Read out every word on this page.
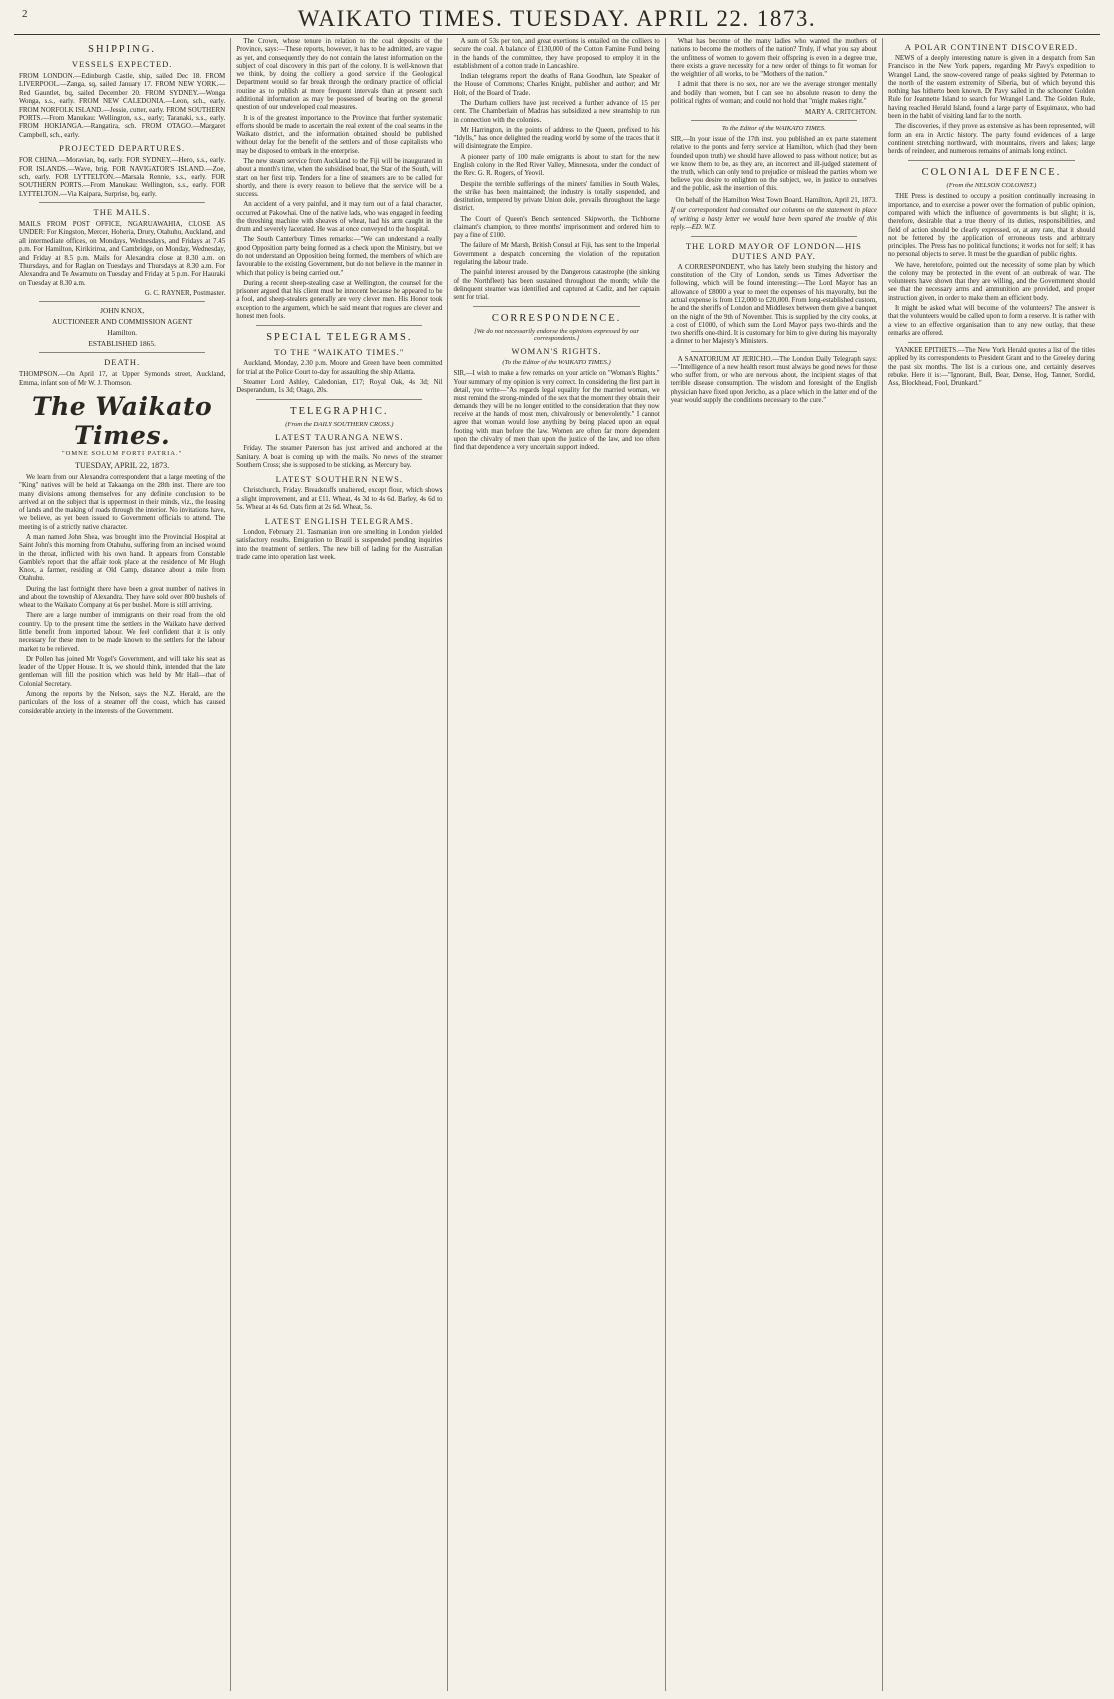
2	WAIKATO TIMES. TUESDAY. APRIL 22. 1873.
SHIPPING.
VESSELS EXPECTED.

FROM LONDON.—Edinburgh Castle, ship, sailed Dec 18. FROM LIVERPOOL.—Zanga, sq, sailed January 17. FROM NEW YORK.—Red Gauntlet, bq, sailed December 20. FROM SYDNEY.—Wonga Wonga, s.s., early. FROM NEW CALEDONIA.—Leon, sch., early. FROM NORFOLK ISLAND.—Jessie, cutter, early. FROM SOUTHERN PORTS.—From Manukau: Wellington, s.s., early; Taranaki, s.s., early. FROM HOKIANGA.—Rangatira, sch. FROM OTAGO.—Margaret Campbell, sch., early.

PROJECTED DEPARTURES.

FOR CHINA.—Moravian, bq, early. FOR SYDNEY.—Hero, s.s., early. FOR ISLANDS.—Wave, brig. FOR NAVIGATOR'S ISLAND.—Zoe, sch, early. FOR LYTTELTON.—Marsala Rennie, s.s., early. FOR SOUTHERN PORTS.—From Manukau: Wellington, s.s., early. FOR LYTTELTON.—Via Kaipara, Surprise, bq, early.

THE MAILS.

MAILS FROM POST OFFICE, NGARUAWAHIA, CLOSE AS UNDER: For Kingston, Mercer, Hoheria, Drury, Otahuhu, Auckland, and all intermediate offices, on Mondays, Wednesdays, and Fridays at 7.45 p.m. For Hamilton, Kirikiriroa, and Cambridge, on Monday, Wednesday, and Friday at 8.5 p.m. Mails for Alexandra close at 8.30 a.m. on Thursdays, and for Raglan on Tuesdays and Thursdays at 8.30 a.m. For Alexandra and Te Awamutu on Tuesday and Friday at 5 p.m. For Hauraki on Tuesday at 8.30 a.m.

G. C. RAYNER, Postmaster.

JOHN KNOX,

AUCTIONEER AND COMMISSION AGENT

Hamilton.

ESTABLISHED 1865.

DEATH.

THOMPSON.—On April 17, at Upper Symonds street, Auckland, Emma, infant son of Mr W. J. Thomson.

The Waikato Times.
"OMNE SOLUM FORTI PATRIA."
TUESDAY, APRIL 22, 1873.

We learn from our Alexandra correspondent that a large meeting of the "King" natives will be held at Takaanga on the 28th inst. There are too many divisions among themselves for any definite conclusion to be arrived at on the subject that is uppermost in their minds, viz., the leasing of lands and the making of roads through the interior. No invitations have, we believe, as yet been issued to Government officials to attend. The meeting is of a strictly native character.

A man named John Shea, was brought into the Provincial Hospital at Saint John's this morning from Otahuhu, suffering from an incised wound in the throat, inflicted with his own hand. It appears from Constable Gamble's report that the affair took place at the residence of Mr Hugh Knox, a farmer, residing at Old Camp, distance about a mile from Otahuhu.

During the last fortnight there have been a great number of natives in and about the township of Alexandra. They have sold over 800 bushels of wheat to the Waikato Company at 6s per bushel. More is still arriving.

There are a large number of immigrants on their road from the old country. Up to the present time the settlers in the Waikato have derived little benefit from imported labour. We feel confident that it is only necessary for these men to be made known to the settlers for the labour market to be relieved.

Dr Pollen has joined Mr Vogel's Government, and will take his seat as leader of the Upper House. It is, we should think, intended that the late gentleman will fill the position which was held by Mr Hall—that of Colonial Secretary.

Among the reports by the Nelson, says the N.Z. Herald, are the particulars of the loss of a steamer off the coast, which has caused considerable anxiety in the interests of the Government.

The Crown, whose tenure in relation to the coal deposits of the Province, says:—These reports, however, it has to be admitted, are vague as yet, and consequently they do not contain the latest information on the subject of coal discovery in this part of the colony. It is well-known that we think, by doing the colliery a good service if the Geological Department would so far break through the ordinary practice of official routine as to publish at more frequent intervals than at present such additional information as may be possessed of bearing on the general question of our undeveloped coal measures.

It is of the greatest importance to the Province that further systematic efforts should be made to ascertain the real extent of the coal seams in the Waikato district, and the information obtained should be published without delay for the benefit of the settlers and of those capitalists who may be disposed to embark in the enterprise.

The new steam service from Auckland to the Fiji will be inaugurated in about a month's time, when the subsidised boat, the Star of the South, will start on her first trip. Tenders for a line of steamers are to be called for shortly, and there is every reason to believe that the service will be a success.

An accident of a very painful, and it may turn out of a fatal character, occurred at Pakowhai. One of the native lads, who was engaged in feeding the threshing machine with sheaves of wheat, had his arm caught in the drum and severely lacerated. He was at once conveyed to the hospital.

The South Canterbury Times remarks:—"We can understand a really good Opposition party being formed as a check upon the Ministry, but we do not understand an Opposition being formed, the members of which are favourable to the existing Government, but do not believe in the manner in which that policy is being carried out."

During a recent sheep-stealing case at Wellington, the counsel for the prisoner argued that his client must be innocent because he appeared to be a fool, and sheep-stealers generally are very clever men. His Honor took exception to the argument, which he said meant that rogues are clever and honest men fools.

SPECIAL TELEGRAMS.
TO THE "WAIKATO TIMES."

Auckland, Monday, 2.30 p.m. Moore and Green have been committed for trial at the Police Court to-day for assaulting the ship Atlanta.

Steamer Lord Ashley, Caledonian, £17; Royal Oak, 4s 3d; Nil Desperandum, 1s 3d; Otago, 20s.

TELEGRAPHIC.

(From the DAILY SOUTHERN CROSS.)

LATEST TAURANGA NEWS.

Friday. The steamer Paterson has just arrived and anchored at the Sanitary. A boat is coming up with the mails. No news of the steamer Southern Cross; she is supposed to be sticking, as Mercury bay.

LATEST SOUTHERN NEWS.

Christchurch, Friday. Breadstuffs unaltered, except flour, which shows a slight improvement, and at £11. Wheat, 4s 3d to 4s 6d. Barley, 4s 6d to 5s. Wheat at 4s 6d. Oats firm at 2s 6d. Wheat, 5s.

LATEST ENGLISH TELEGRAMS.

London, February 21. Tasmanian iron ore smelting in London yielded satisfactory results. Emigration to Brazil is suspended pending inquiries into the treatment of settlers. The new bill of lading for the Australian trade came into operation last week.

A sum of 53s per ton, and great exertions is entailed on the colliers to secure the coal. A balance of £130,000 of the Cotton Famine Fund being in the hands of the committee, they have proposed to employ it in the establishment of a cotton trade in Lancashire.

Indian telegrams report the deaths of Rana Goodhun, late Speaker of the House of Commons; Charles Knight, publisher and author; and Mr Holt, of the Board of Trade.

The Durham colliers have just received a further advance of 15 per cent. The Chamberlain of Madras has subsidized a new steamship to run in connection with the colonies.

Mr Harrington, in the points of address to the Queen, prefixed to his "Idylls," has once delighted the reading world by some of the traces that it will disintegrate the Empire.

A pioneer party of 100 male emigrants is about to start for the new English colony in the Red River Valley, Minnesota, under the conduct of the Rev. G. R. Rogers, of Yeovil.

Despite the terrible sufferings of the miners' families in South Wales, the strike has been maintained; the industry is totally suspended, and destitution, tempered by private Union dole, prevails throughout the large district.

The Court of Queen's Bench sentenced Skipworth, the Tichborne claimant's champion, to three months' imprisonment and ordered him to pay a fine of £100.

The failure of Mr Marsh, British Consul at Fiji, has sent to the Imperial Government a despatch concerning the violation of the reputation regulating the labour trade.

The painful interest aroused by the Dangerous catastrophe (the sinking of the Northfleet) has been sustained throughout the month; while the delinquent steamer was identified and captured at Cadiz, and her captain sent for trial.

CORRESPONDENCE.

[We do not necessarily endorse the opinions expressed by our correspondents.]

WOMAN'S RIGHTS.

(To the Editor of the WAIKATO TIMES.)

SIR,—I wish to make a few remarks on your article on "Woman's Rights." Your summary of my opinion is very correct. In considering the first part in detail, you write—"As regards legal equality for the married woman, we must remind the strong-minded of the sex that the moment they obtain their demands they will be no longer entitled to the consideration that they now receive at the hands of most men, chivalrously or benevolently." I cannot agree that woman would lose anything by being placed upon an equal footing with man before the law. Women are often far more dependent upon the chivalry of men than upon the justice of the law, and too often find that dependence a very uncertain support indeed.

What has become of the many ladies who wanted the mothers of nations to become the mothers of the nation? Truly, if what you say about the unfitness of women to govern their offspring is even in a degree true, there exists a grave necessity for a new order of things to fit woman for the weightier of all works, to be "Mothers of the nation."

I admit that there is no sex, nor are we the average stronger mentally and bodily than women, but I can see no absolute reason to deny the political rights of woman; and could not hold that "might makes right."

MARY A. CRITCHTON.

To the Editor of the WAIKATO TIMES.

SIR,—In your issue of the 17th inst. you published an ex parte statement relative to the ponts and ferry service at Hamilton, which (had they been founded upon truth) we should have allowed to pass without notice; but as we know them to be, as they are, an incorrect and ill-judged statement of the truth, which can only tend to prejudice or mislead the parties whom we believe you desire to enlighten on the subject, we, in justice to ourselves and the public, ask the insertion of this.

On behalf of the Hamilton West Town Board. Hamilton, April 21, 1873.

If our correspondent had consulted our columns on the statement in place of writing a hasty letter we would have been spared the trouble of this reply.—ED. W.T.

THE LORD MAYOR OF LONDON—HIS DUTIES AND PAY.

A CORRESPONDENT, who has lately been studying the history and constitution of the City of London, sends us Times Advertiser the following, which will be found interesting:—The Lord Mayor has an allowance of £8000 a year to meet the expenses of his mayoralty, but the actual expense is from £12,000 to £20,000. From long-established custom, he and the sheriffs of London and Middlesex between them give a banquet on the night of the 9th of November. This is supplied by the city cooks, at a cost of £1000, of which sum the Lord Mayor pays two-thirds and the two sheriffs one-third. It is customary for him to give during his mayoralty a dinner to her Majesty's Ministers.

A SANATORIUM AT JERICHO.—The London Daily Telegraph says:—"Intelligence of a new health resort must always be good news for those who suffer from, or who are nervous about, the incipient stages of that terrible disease consumption. The wisdom and foresight of the English physician have fixed upon Jericho, as a place which in the latter end of the year would supply the conditions necessary to the cure."

A POLAR CONTINENT DISCOVERED.

NEWS of a deeply interesting nature is given in a despatch from San Francisco in the New York papers, regarding Mr Pavy's expedition to Wrangel Land, the snow-covered range of peaks sighted by Peterman to the north of the eastern extremity of Siberia, but of which beyond this nothing has hitherto been known. Dr Pavy sailed in the schooner Golden Rule for Jeannette Island to search for Wrangel Land. The Golden Rule, having reached Herald Island, found a large party of Esquimaux, who had been in the habit of visiting land far to the north.

The discoveries, if they prove as extensive as has been represented, will form an era in Arctic history. The party found evidences of a large continent stretching northward, with mountains, rivers and lakes; large herds of reindeer, and numerous remains of animals long extinct.

COLONIAL DEFENCE.

(From the NELSON COLONIST.)

THE Press is destined to occupy a position continually increasing in importance, and to exercise a power over the formation of public opinion, compared with which the influence of governments is but slight; it is, therefore, desirable that a true theory of its duties, responsibilities, and field of action should be clearly expressed, or, at any rate, that it should not be fettered by the application of erroneous tests and arbitrary principles. The Press has no political functions; it works not for self; it has no personal objects to serve. It must be the guardian of public rights.

We have, heretofore, pointed out the necessity of some plan by which the colony may be protected in the event of an outbreak of war. The volunteers have shown that they are willing, and the Government should see that the necessary arms and ammunition are provided, and proper instruction given, in order to make them an efficient body.

It might be asked what will become of the volunteers? The answer is that the volunteers would be called upon to form a reserve. It is rather with a view to an effective organisation than to any new outlay, that these remarks are offered.

YANKEE EPITHETS.—The New York Herald quotes a list of the titles applied by its correspondents to President Grant and to the Greeley during the past six months. The list is a curious one, and certainly deserves rebuke. Here it is:—"Ignorant, Bull, Bear, Dense, Hog, Tanner, Sordid, Ass, Blockhead, Fool, Drunkard."
